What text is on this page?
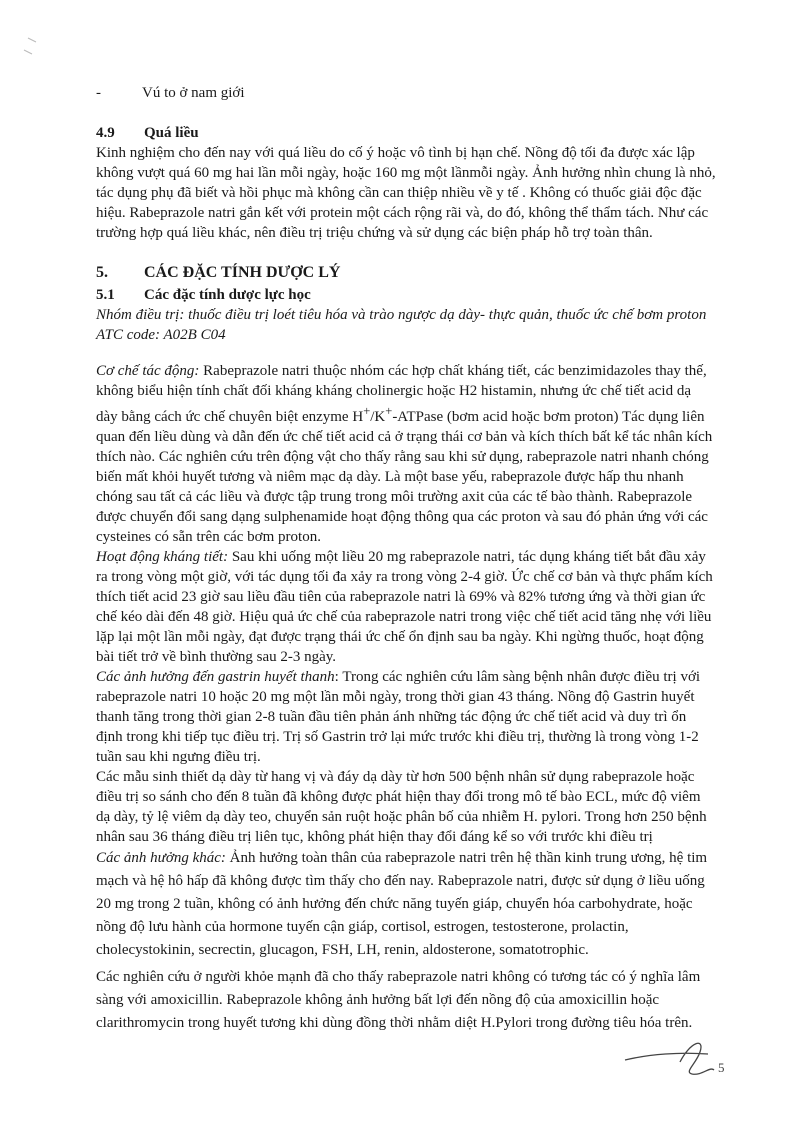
-	Vú to ở nam giới
4.9 Quá liều

Kinh nghiệm cho đến nay với quá liều do cố ý hoặc vô tình bị hạn chế. Nồng độ tối đa được xác lập không vượt quá 60 mg hai lần mỗi ngày, hoặc 160 mg một lầnmỗi ngày. Ảnh hưởng nhìn chung là nhỏ, tác dụng phụ đã biết và hồi phục mà không cần can thiệp nhiều về y tế . Không có thuốc giải độc đặc hiệu. Rabeprazole natri gắn kết với protein một cách rộng rãi và, do đó, không thể thẩm tách. Như các trường hợp quá liều khác, nên điều trị triệu chứng và sử dụng các biện pháp hỗ trợ toàn thân.

5. CÁC ĐẶC TÍNH DƯỢC LÝ
5.1 Các đặc tính dược lực học

Nhóm điều trị: thuốc điều trị loét tiêu hóa và trào ngược dạ dày- thực quản, thuốc ức chế bơm proton ATC code: A02B C04

Cơ chế tác động: Rabeprazole natri thuộc nhóm các hợp chất kháng tiết, các benzimidazoles thay thế, không biểu hiện tính chất đối kháng kháng cholinergic hoặc H2 histamin, nhưng ức chế tiết acid dạ dày bằng cách ức chế chuyên biệt enzyme H+/K+-ATPase (bơm acid hoặc bơm proton) Tác dụng liên quan đến liều dùng và dẫn đến ức chế tiết acid cả ở trạng thái cơ bản và kích thích bất kể tác nhân kích thích nào. Các nghiên cứu trên động vật cho thấy rằng sau khi sử dụng, rabeprazole natri nhanh chóng biến mất khỏi huyết tương và niêm mạc dạ dày. Là một base yếu, rabeprazole được hấp thu nhanh chóng sau tất cả các liều và được tập trung trong môi trường axit của các tế bào thành. Rabeprazole được chuyển đổi sang dạng sulphenamide hoạt động thông qua các proton và sau đó phản ứng với các cysteines có sẵn trên các bơm proton.

Hoạt động kháng tiết: Sau khi uống một liều 20 mg rabeprazole natri, tác dụng kháng tiết bắt đầu xảy ra trong vòng một giờ, với tác dụng tối đa xảy ra trong vòng 2-4 giờ. Ức chế cơ bản và thực phẩm kích thích tiết acid 23 giờ sau liều đầu tiên của rabeprazole natri là 69% và 82% tương ứng và thời gian ức chế kéo dài đến 48 giờ. Hiệu quả ức chế của rabeprazole natri trong việc chế tiết acid tăng nhẹ với liều lặp lại một lần mỗi ngày, đạt được trạng thái ức chế ổn định sau ba ngày. Khi ngừng thuốc, hoạt động bài tiết trở về bình thường sau 2-3 ngày.

Các ảnh hưởng đến gastrin huyết thanh: Trong các nghiên cứu lâm sàng bệnh nhân được điều trị với rabeprazole natri 10 hoặc 20 mg một lần mỗi ngày, trong thời gian 43 tháng. Nồng độ Gastrin huyết thanh tăng trong thời gian 2-8 tuần đầu tiên phản ánh những tác động ức chế tiết acid và duy trì ổn định trong khi tiếp tục điều trị. Trị số Gastrin trở lại mức trước khi điều trị, thường là trong vòng 1-2 tuần sau khi ngưng điều trị.

Các mẫu sinh thiết dạ dày từ hang vị và đáy dạ dày từ hơn 500 bệnh nhân sử dụng rabeprazole hoặc điều trị so sánh cho đến 8 tuần đã không được phát hiện thay đổi trong mô tế bào ECL, mức độ viêm dạ dày, tỷ lệ viêm dạ dày teo, chuyển sản ruột hoặc phân bố của nhiễm H. pylori. Trong hơn 250 bệnh nhân sau 36 tháng điều trị liên tục, không phát hiện thay đổi đáng kể so với trước khi điều trị

Các ảnh hưởng khác: Ảnh hưởng toàn thân của rabeprazole natri trên hệ thần kinh trung ương, hệ tim mạch và hệ hô hấp đã không được tìm thấy cho đến nay. Rabeprazole natri, được sử dụng ở liều uống 20 mg trong 2 tuần, không có ảnh hưởng đến chức năng tuyến giáp, chuyển hóa carbohydrate, hoặc nồng độ lưu hành của hormone tuyến cận giáp, cortisol, estrogen, testosterone, prolactin, cholecystokinin, secrectin, glucagon, FSH, LH, renin, aldosterone, somatotrophic.

Các nghiên cứu ở người khỏe mạnh đã cho thấy rabeprazole natri không có tương tác có ý nghĩa lâm sàng với amoxicillin. Rabeprazole không ảnh hưởng bất lợi đến nồng độ của amoxicillin hoặc clarithromycin trong huyết tương khi dùng đồng thời nhằm diệt H.Pylori trong đường tiêu hóa trên.

5
